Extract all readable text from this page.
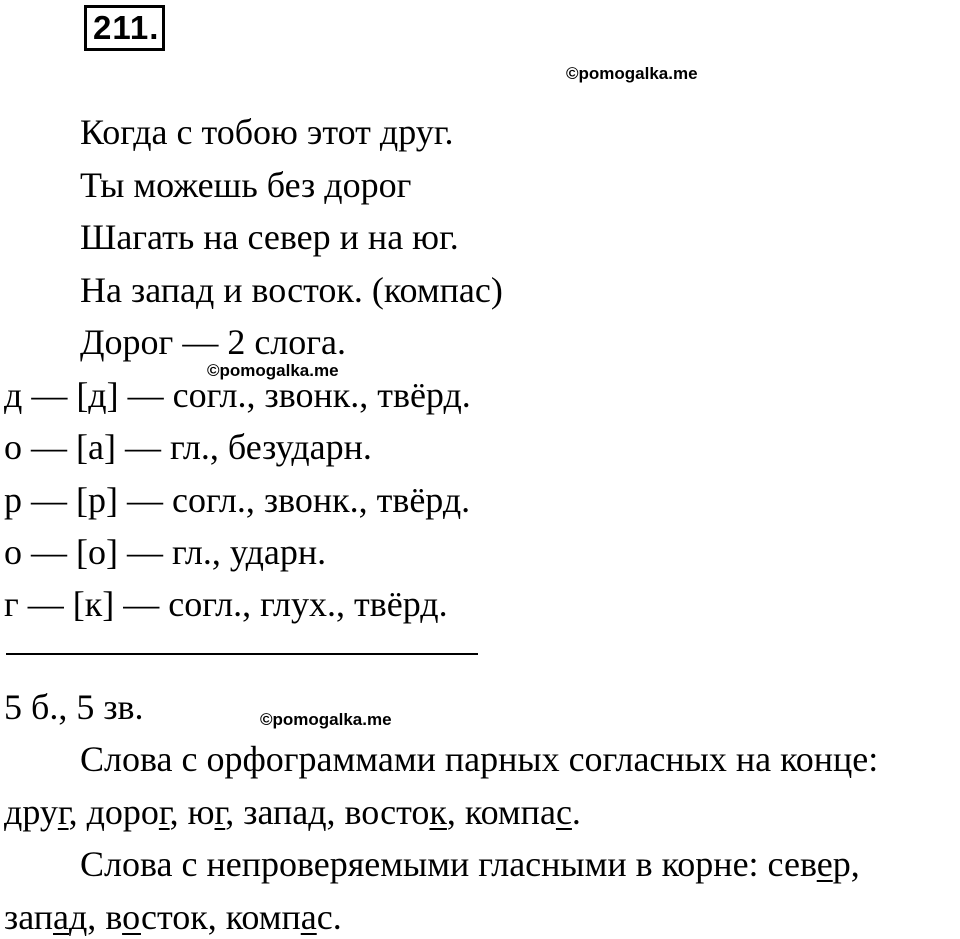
211.
©pomogalka.me
Когда с тобою этот друг.
Ты можешь без дорог
Шагать на север и на юг.
На запад и восток. (компас)
Дорог — 2 слога.
©pomogalka.me
д — [д] — согл., звонк., твёрд.
о — [а] — гл., безударн.
р — [р] — согл., звонк., твёрд.
о — [о] — гл., ударн.
г — [к] — согл., глух., твёрд.
5 б., 5 зв.	©pomogalka.me
Слова с орфограммами парных согласных на конце:
друг, дорог, юг, запад, восток, компас.
Слова с непроверяемыми гласными в корне: север,
запад, восток, компас.
